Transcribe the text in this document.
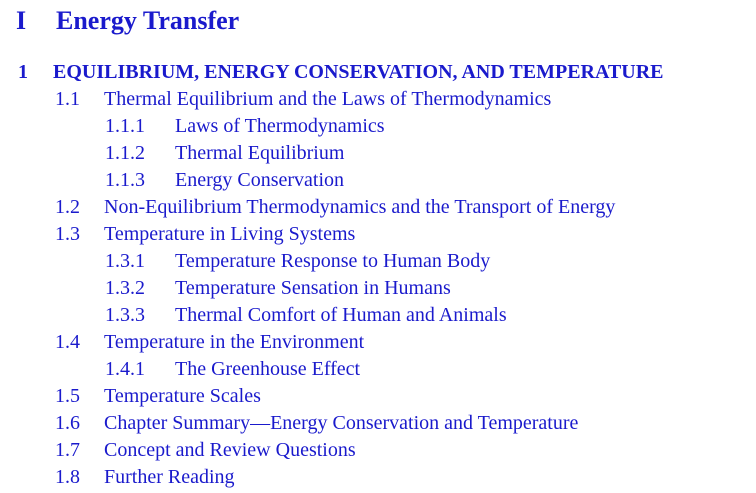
I Energy Transfer
1 EQUILIBRIUM, ENERGY CONSERVATION, AND TEMPERATURE
1.1 Thermal Equilibrium and the Laws of Thermodynamics
1.1.1 Laws of Thermodynamics
1.1.2 Thermal Equilibrium
1.1.3 Energy Conservation
1.2 Non-Equilibrium Thermodynamics and the Transport of Energy
1.3 Temperature in Living Systems
1.3.1 Temperature Response to Human Body
1.3.2 Temperature Sensation in Humans
1.3.3 Thermal Comfort of Human and Animals
1.4 Temperature in the Environment
1.4.1 The Greenhouse Effect
1.5 Temperature Scales
1.6 Chapter Summary—Energy Conservation and Temperature
1.7 Concept and Review Questions
1.8 Further Reading
